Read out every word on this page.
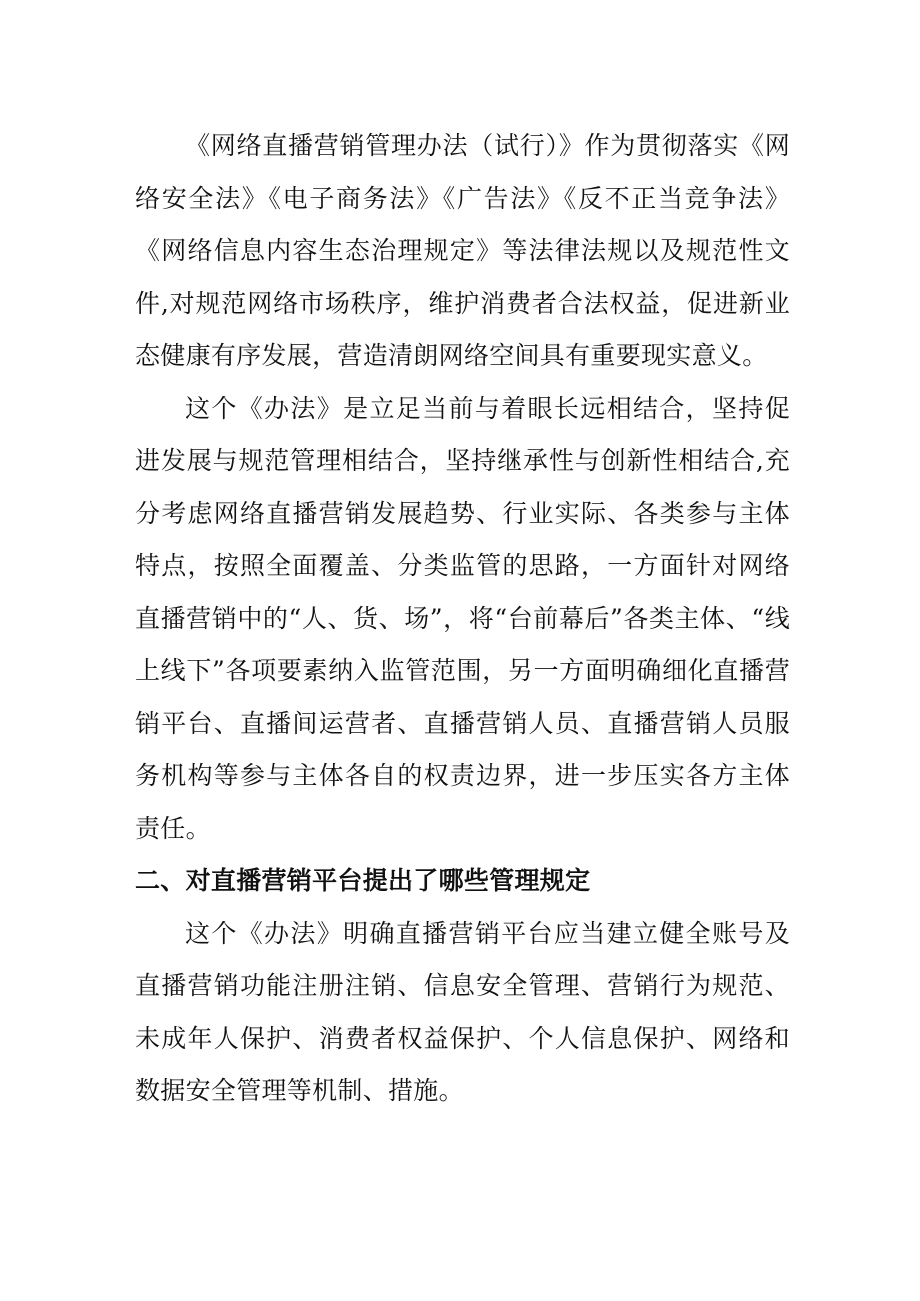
《网络直播营销管理办法（试行）》作为贯彻落实《网络安全法》《电子商务法》《广告法》《反不正当竞争法》《网络信息内容生态治理规定》等法律法规以及规范性文件,对规范网络市场秩序，维护消费者合法权益，促进新业态健康有序发展，营造清朗网络空间具有重要现实意义。

这个《办法》是立足当前与着眼长远相结合，坚持促进发展与规范管理相结合，坚持继承性与创新性相结合,充分考虑网络直播营销发展趋势、行业实际、各类参与主体特点，按照全面覆盖、分类监管的思路，一方面针对网络直播营销中的“人、货、场”，将“台前幕后”各类主体、“线上线下”各项要素纳入监管范围，另一方面明确细化直播营销平台、直播间运营者、直播营销人员、直播营销人员服务机构等参与主体各自的权责边界，进一步压实各方主体责任。

二、对直播营销平台提出了哪些管理规定

这个《办法》明确直播营销平台应当建立健全账号及直播营销功能注册注销、信息安全管理、营销行为规范、未成年人保护、消费者权益保护、个人信息保护、网络和数据安全管理等机制、措施。
